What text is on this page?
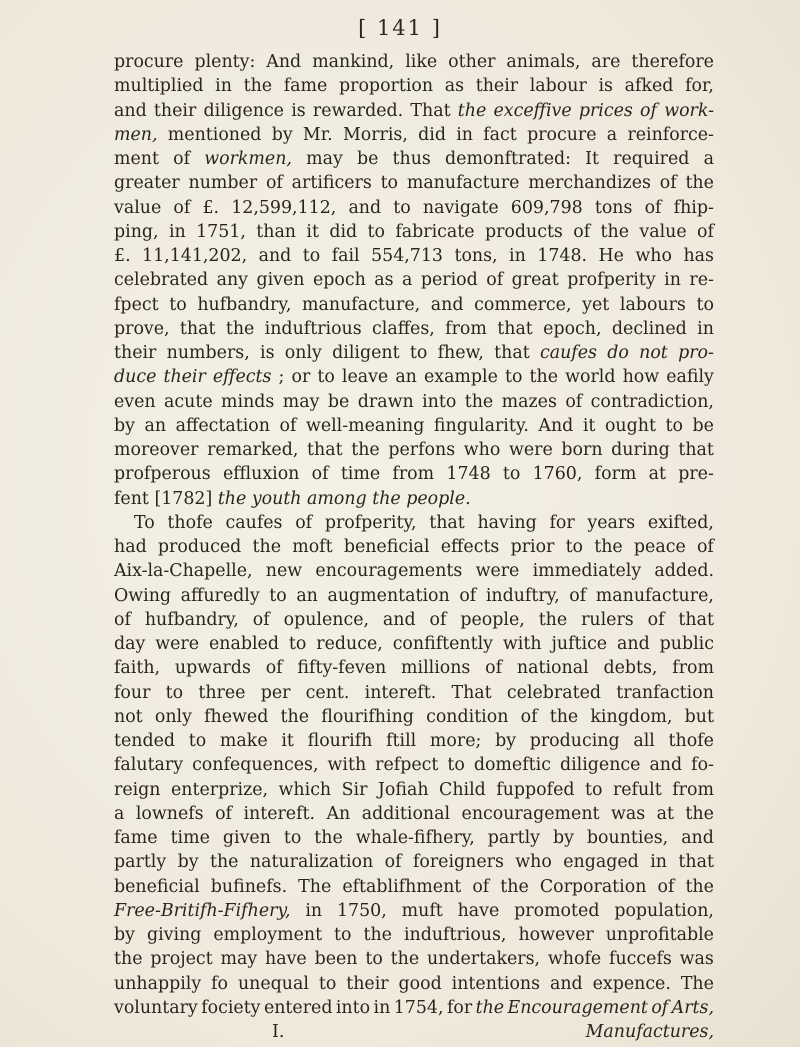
[ 141 ]
procure plenty: And mankind, like other animals, are therefore
multiplied in the fame proportion as their labour is afked for,
and their diligence is rewarded. That the exceffive prices of work-
men, mentioned by Mr. Morris, did in fact procure a reinforce-
ment of workmen, may be thus demonftrated: It required a
greater number of artificers to manufacture merchandizes of the
value of £. 12,599,112, and to navigate 609,798 tons of fhip-
ping, in 1751, than it did to fabricate products of the value of
£. 11,141,202, and to fail 554,713 tons, in 1748. He who has
celebrated any given epoch as a period of great profperity in re-
fpect to hufbandry, manufacture, and commerce, yet labours to
prove, that the induftrious claffes, from that epoch, declined in
their numbers, is only diligent to fhew, that caufes do not pro-
duce their effects ; or to leave an example to the world how eafily
even acute minds may be drawn into the mazes of contradiction,
by an affectation of well-meaning fingularity. And it ought to be
moreover remarked, that the perfons who were born during that
profperous effluxion of time from 1748 to 1760, form at pre-
fent [1782] the youth among the people.
To thofe caufes of profperity, that having for years exifted,
had produced the moft beneficial effects prior to the peace of
Aix-la-Chapelle, new encouragements were immediately added.
Owing affuredly to an augmentation of induftry, of manufacture,
of hufbandry, of opulence, and of people, the rulers of that
day were enabled to reduce, confiftently with juftice and public
faith, upwards of fifty-feven millions of national debts, from
four to three per cent. intereft. That celebrated tranfaction
not only fhewed the flourifhing condition of the kingdom, but
tended to make it flourifh ftill more; by producing all thofe
falutary confequences, with refpect to domeftic diligence and fo-
reign enterprize, which Sir Jofiah Child fuppofed to refult from
a lownefs of intereft. An additional encouragement was at the
fame time given to the whale-fifhery, partly by bounties, and
partly by the naturalization of foreigners who engaged in that
beneficial bufinefs. The eftablifhment of the Corporation of the
Free-Britifh-Fifhery, in 1750, muft have promoted population,
by giving employment to the induftrious, however unprofitable
the project may have been to the undertakers, whofe fuccefs was
unhappily fo unequal to their good intentions and expence. The
voluntary fociety entered into in 1754, for the Encouragement of Arts,
I.	Manufactures,
